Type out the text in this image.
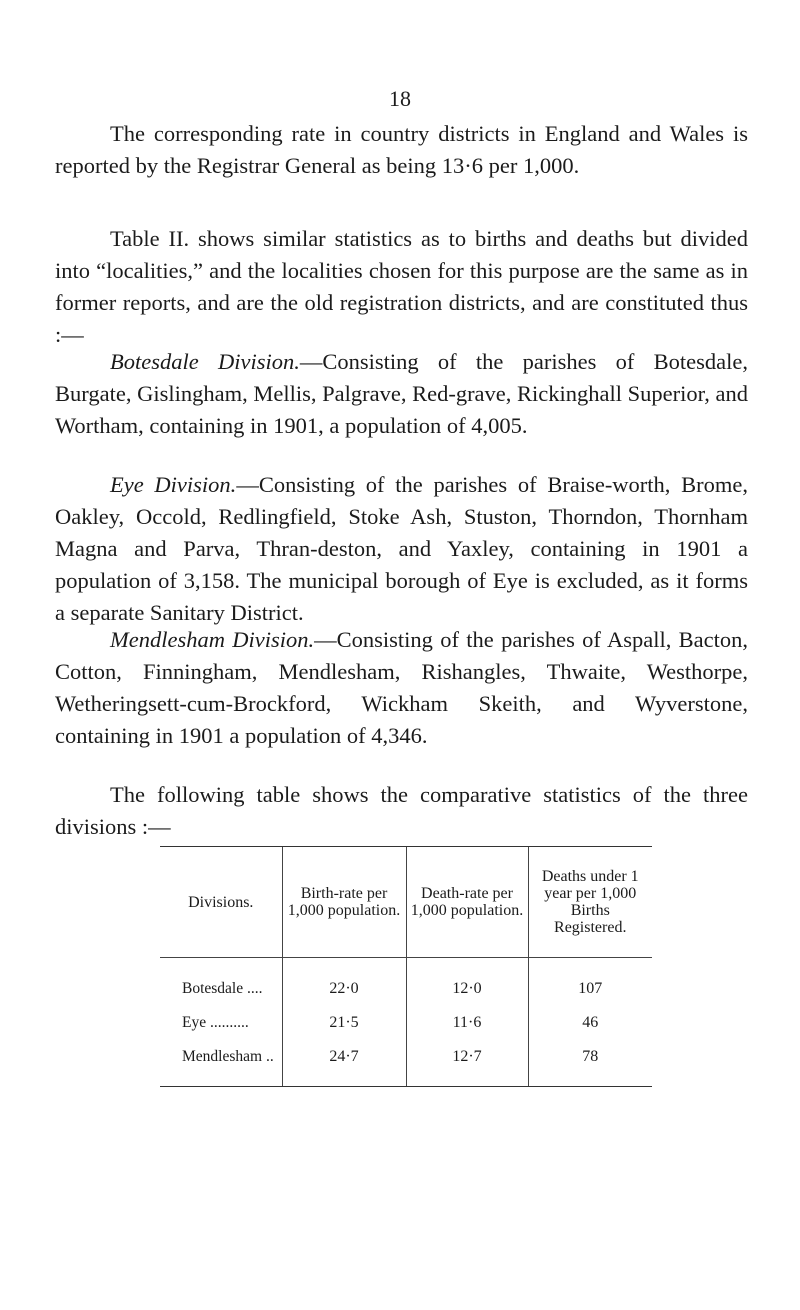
18

The corresponding rate in country districts in England and Wales is reported by the Registrar General as being 13·6 per 1,000.

Table II. shows similar statistics as to births and deaths but divided into “localities,” and the localities chosen for this purpose are the same as in former reports, and are the old registration districts, and are constituted thus :—

Botesdale Division.—Consisting of the parishes of Botesdale, Burgate, Gislingham, Mellis, Palgrave, Red-grave, Rickinghall Superior, and Wortham, containing in 1901, a population of 4,005.

Eye Division.—Consisting of the parishes of Braise-worth, Brome, Oakley, Occold, Redlingfield, Stoke Ash, Stuston, Thorndon, Thornham Magna and Parva, Thran-deston, and Yaxley, containing in 1901 a population of 3,158. The municipal borough of Eye is excluded, as it forms a separate Sanitary District.

Mendlesham Division.—Consisting of the parishes of Aspall, Bacton, Cotton, Finningham, Mendlesham, Rishangles, Thwaite, Westhorpe, Wetheringsett-cum-Brockford, Wickham Skeith, and Wyverstone, containing in 1901 a population of 4,346.

The following table shows the comparative statistics of the three divisions :—

Divisions.	Birth-rate per 1,000 population.	Death-rate per 1,000 population.	Deaths under 1 year per 1,000 Births Registered.
Botesdale ....	22·0	12·0	107
Eye ..........	21·5	11·6	46
Mendlesham ..	24·7	12·7	78
